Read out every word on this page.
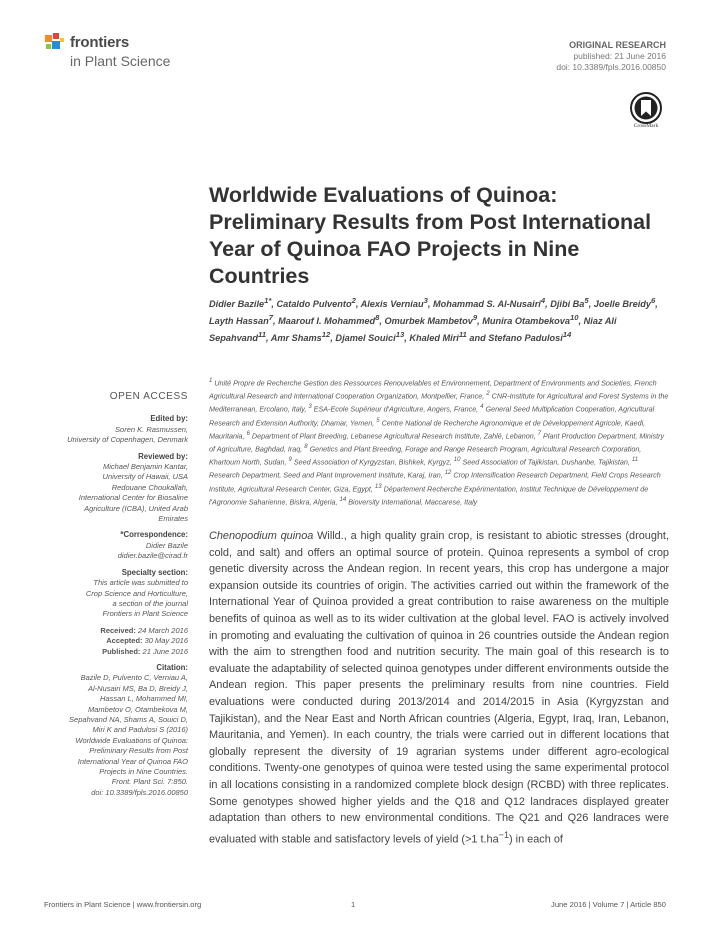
frontiers
in Plant Science
ORIGINAL RESEARCH
published: 21 June 2016
doi: 10.3389/fpls.2016.00850
CrossMark
Worldwide Evaluations of Quinoa: Preliminary Results from Post International Year of Quinoa FAO Projects in Nine Countries
Didier Bazile$^{1*}$, Cataldo Pulvento$^2$, Alexis Verniau$^3$, Mohammad S. Al-Nusairi$^4$, Djibi Ba$^5$, Joelle Breidy$^6$, Layth Hassan$^7$, Maarouf I. Mohammed$^8$, Omurbek Mambetov$^9$, Munira Otambekova$^{10}$, Niaz Ali Sepahvand$^{11}$, Amr Shams$^{12}$, Djamel Souici$^{13}$, Khaled Miri$^{11}$ and Stefano Padulosi$^{14}$
$^1$ Unité Propre de Recherche Gestion des Ressources Renouvelables et Environnement, Department of Environments and Societies, French Agricultural Research and International Cooperation Organization, Montpellier, France, $^2$ CNR-Institute for Agricultural and Forest Systems in the Mediterranean, Ercolano, Italy, $^3$ ESA-Ecole Supérieur d'Agriculture, Angers, France, $^4$ General Seed Multiplication Cooperation, Agricultural Research and Extension Authority, Dhamar, Yemen, $^5$ Centre National de Recherche Agronomique et de Développement Agricole, Kaedi, Mauritania, $^6$ Department of Plant Breeding, Lebanese Agricultural Research Institute, Zahlé, Lebanon, $^7$ Plant Production Department, Ministry of Agriculture, Baghdad, Iraq, $^8$ Genetics and Plant Breeding, Forage and Range Research Program, Agricultural Research Corporation, Khartoum North, Sudan, $^9$ Seed Association of Kyrgyzstan, Bishkek, Kyrgyz, $^{10}$ Seed Association of Tajikistan, Dushanbe, Tajikistan, $^{11}$ Research Department, Seed and Plant Improvement Institute, Karaj, Iran, $^{12}$ Crop Intensification Research Department, Field Crops Research Institute, Agricultural Research Center, Giza, Egypt, $^{13}$ Département Recherche Expérimentation, Institut Technique de Développement de l'Agronomie Saharienne, Biskra, Algeria, $^{14}$ Bioversity International, Maccarese, Italy
OPEN ACCESS
Edited by:
Soren K. Rasmussen,
University of Copenhagen, Denmark
Reviewed by:
Michael Benjamin Kantar,
University of Hawaii, USA
Redouane Choukallah,
International Center for Biosaline
Agriculture (ICBA), United Arab
Emirates
*Correspondence:
Didier Bazile
didier.bazile@cirad.fr
Specialty section:
This article was submitted to
Crop Science and Horticulture,
a section of the journal
Frontiers in Plant Science
Received: 24 March 2016
Accepted: 30 May 2016
Published: 21 June 2016
Citation:
Bazile D, Pulvento C, Verniau A,
Al-Nusairi MS, Ba D, Breidy J,
Hassan L, Mohammed MI,
Mambetov O, Otambekova M,
Sepahvand NA, Shams A, Souici D,
Miri K and Padulosi S (2016)
Worldwide Evaluations of Quinoa:
Preliminary Results from Post
International Year of Quinoa FAO
Projects in Nine Countries.
Front. Plant Sci. 7:850.
doi: 10.3389/fpls.2016.00850
Chenopodium quinoa Willd., a high quality grain crop, is resistant to abiotic stresses (drought, cold, and salt) and offers an optimal source of protein. Quinoa represents a symbol of crop genetic diversity across the Andean region. In recent years, this crop has undergone a major expansion outside its countries of origin. The activities carried out within the framework of the International Year of Quinoa provided a great contribution to raise awareness on the multiple benefits of quinoa as well as to its wider cultivation at the global level. FAO is actively involved in promoting and evaluating the cultivation of quinoa in 26 countries outside the Andean region with the aim to strengthen food and nutrition security. The main goal of this research is to evaluate the adaptability of selected quinoa genotypes under different environments outside the Andean region. This paper presents the preliminary results from nine countries. Field evaluations were conducted during 2013/2014 and 2014/2015 in Asia (Kyrgyzstan and Tajikistan), and the Near East and North African countries (Algeria, Egypt, Iraq, Iran, Lebanon, Mauritania, and Yemen). In each country, the trials were carried out in different locations that globally represent the diversity of 19 agrarian systems under different agro-ecological conditions. Twenty-one genotypes of quinoa were tested using the same experimental protocol in all locations consisting in a randomized complete block design (RCBD) with three replicates. Some genotypes showed higher yields and the Q18 and Q12 landraces displayed greater adaptation than others to new environmental conditions. The Q21 and Q26 landraces were evaluated with stable and satisfactory levels of yield (>1 $t.ha^{-1}$) in each of
Frontiers in Plant Science | www.frontiersin.org	1	June 2016 | Volume 7 | Article 850
